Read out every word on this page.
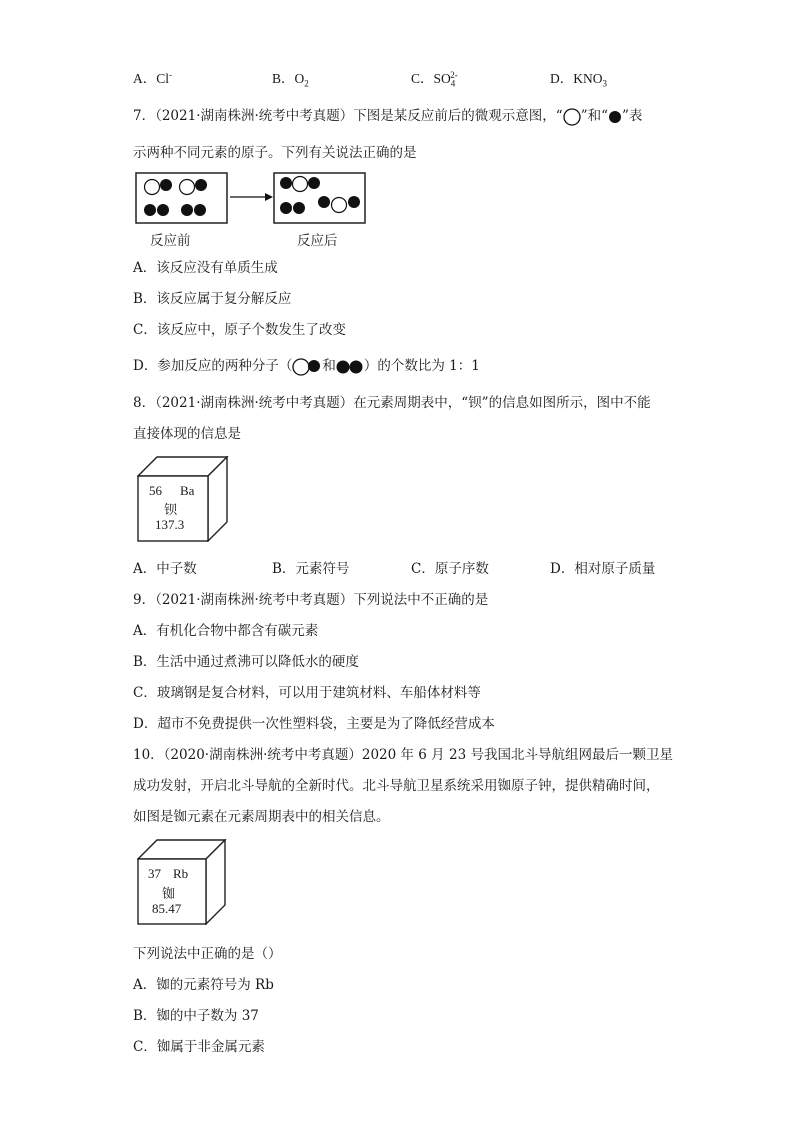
A．Cl-	B．$O_2$	C．$SO_4^{2-}$	D．$KNO_3$
7．（2021·湖南株洲·统考中考真题）下图是某反应前后的微观示意图，“ ”和“ ”表
示两种不同元素的原子。下列有关说法正确的是
反应前	反应后
A．该反应没有单质生成
B．该反应属于复分解反应
C．该反应中，原子个数发生了改变
D．参加反应的两种分子（ 和 ）的个数比为 1：1
8．（2021·湖南株洲·统考中考真题）在元素周期表中，“钡”的信息如图所示，图中不能
直接体现的信息是
56 Ba
钡
137.3
A．中子数	B．元素符号	C．原子序数	D．相对原子质量
9．（2021·湖南株洲·统考中考真题）下列说法中不正确的是
A．有机化合物中都含有碳元素
B．生活中通过煮沸可以降低水的硬度
C．玻璃钢是复合材料，可以用于建筑材料、车船体材料等
D．超市不免费提供一次性塑料袋，主要是为了降低经营成本
10．（2020·湖南株洲·统考中考真题）2020 年 6 月 23 号我国北斗导航组网最后一颗卫星
成功发射，开启北斗导航的全新时代。北斗导航卫星系统采用铷原子钟，提供精确时间，
如图是铷元素在元素周期表中的相关信息。
37 Rb
铷
85.47
下列说法中正确的是（）
A．铷的元素符号为 Rb
B．铷的中子数为 37
C．铷属于非金属元素
